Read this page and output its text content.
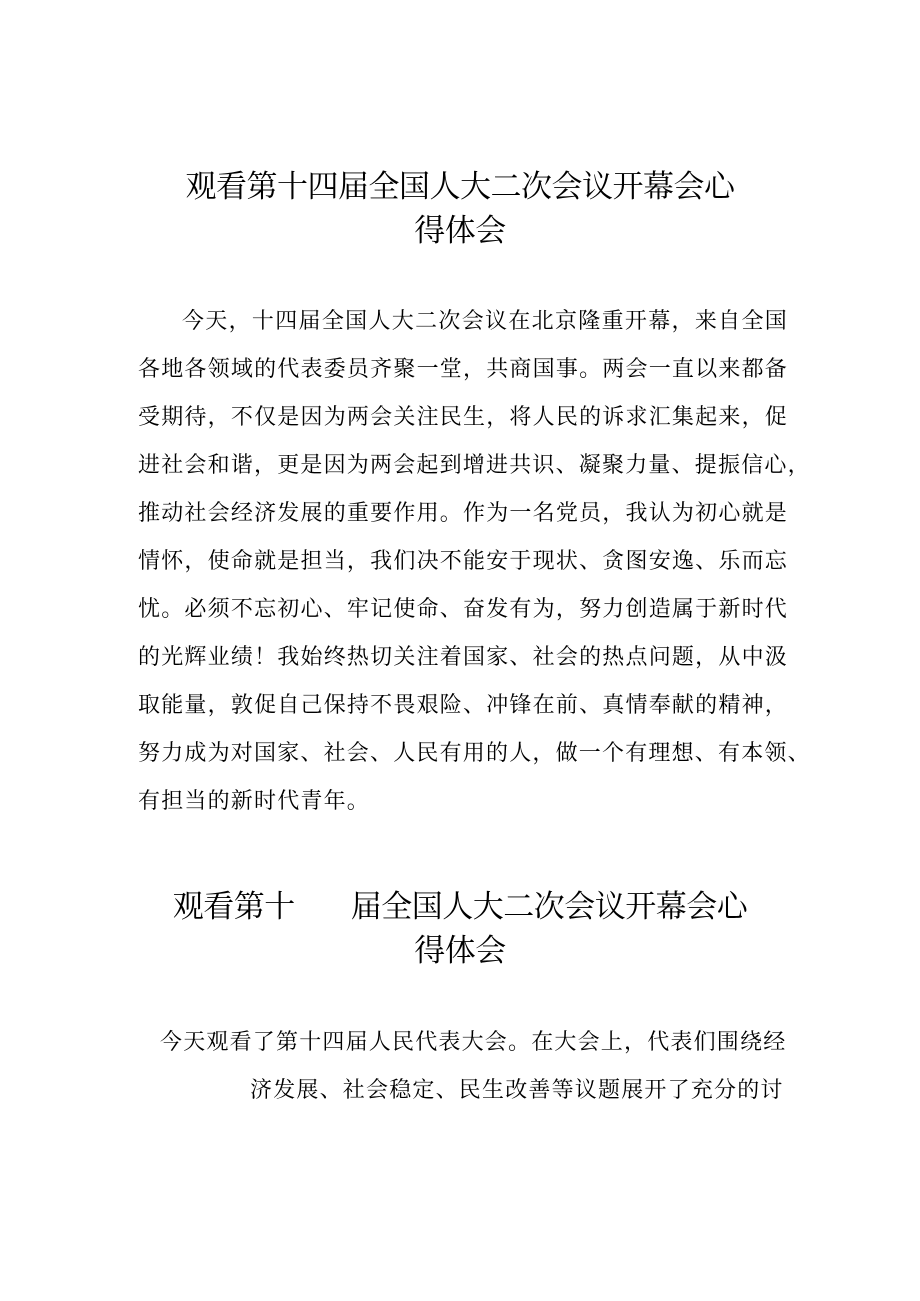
观看第十四届全国人大二次会议开幕会心
得体会

今天，十四届全国人大二次会议在北京隆重开幕，来自全国

各地各领域的代表委员齐聚一堂，共商国事。两会一直以来都备

受期待，不仅是因为两会关注民生，将人民的诉求汇集起来，促

进社会和谐，更是因为两会起到增进共识、凝聚力量、提振信心，

推动社会经济发展的重要作用。作为一名党员，我认为初心就是

情怀，使命就是担当，我们决不能安于现状、贪图安逸、乐而忘

忧。必须不忘初心、牢记使命、奋发有为，努力创造属于新时代

的光辉业绩！我始终热切关注着国家、社会的热点问题，从中汲

取能量，敦促自己保持不畏艰险、冲锋在前、真情奉献的精神，

努力成为对国家、社会、人民有用的人，做一个有理想、有本领、

有担当的新时代青年。

观看第十 届全国人大二次会议开幕会心
得体会

今天观看了第十四届人民代表大会。在大会上，代表们围绕经

济发展、社会稳定、民生改善等议题展开了充分的讨
